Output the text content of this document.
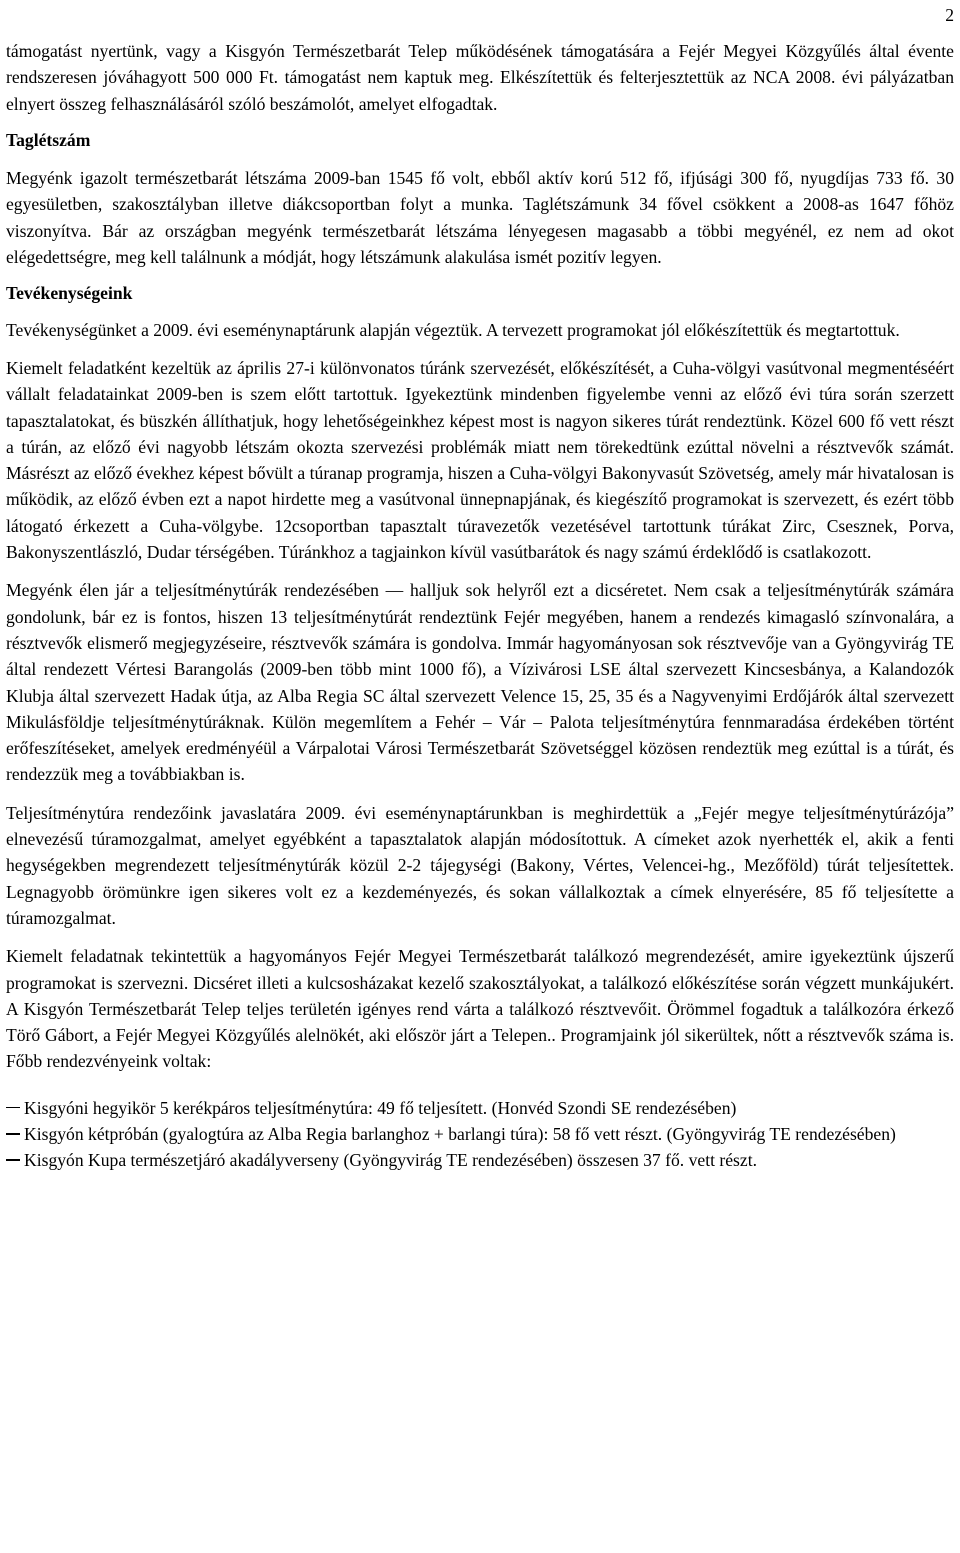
2

támogatást nyertünk, vagy a Kisgyón Természetbarát Telep működésének támogatására a Fejér Megyei Közgyűlés által évente rendszeresen jóváhagyott 500 000 Ft. támogatást nem kaptuk meg. Elkészítettük és felterjesztettük az NCA 2008. évi pályázatban elnyert összeg felhasználásáról szóló beszámolót, amelyet elfogadtak.

Taglétszám

Megyénk igazolt természetbarát létszáma 2009-ban 1545 fő volt, ebből aktív korú 512 fő, ifjúsági 300 fő, nyugdíjas 733 fő. 30 egyesületben, szakosztályban illetve diákcsoportban folyt a munka. Taglétszámunk 34 fővel csökkent a 2008-as 1647 főhöz viszonyítva. Bár az országban megyénk természetbarát létszáma lényegesen magasabb a többi megyénél, ez nem ad okot elégedettségre, meg kell találnunk a módját, hogy létszámunk alakulása ismét pozitív legyen.

Tevékenységeink

Tevékenységünket a 2009. évi eseménynaptárunk alapján végeztük. A tervezett programokat jól előkészítettük és megtartottuk.

Kiemelt feladatként kezeltük az április 27-i különvonatos túránk szervezését, előkészítését, a Cuha-völgyi vasútvonal megmentéséért vállalt feladatainkat 2009-ben is szem előtt tartottuk. Igyekeztünk mindenben figyelembe venni az előző évi túra során szerzett tapasztalatokat, és büszkén állíthatjuk, hogy lehetőségeinkhez képest most is nagyon sikeres túrát rendeztünk. Közel 600 fő vett részt a túrán, az előző évi nagyobb létszám okozta szervezési problémák miatt nem törekedtünk ezúttal növelni a résztvevők számát. Másrészt az előző évekhez képest bővült a túranap programja, hiszen a Cuha-völgyi Bakonyvasút Szövetség, amely már hivatalosan is működik, az előző évben ezt a napot hirdette meg a vasútvonal ünnepnapjának, és kiegészítő programokat is szervezett, és ezért több látogató érkezett a Cuha-völgybe. 12csoportban tapasztalt túravezetők vezetésével tartottunk túrákat Zirc, Csesznek, Porva, Bakonyszentlászló, Dudar térségében. Túránkhoz a tagjainkon kívül vasútbarátok és nagy számú érdeklődő is csatlakozott.

Megyénk élen jár a teljesítménytúrák rendezésében — halljuk sok helyről ezt a dicséretet. Nem csak a teljesítménytúrák számára gondolunk, bár ez is fontos, hiszen 13 teljesítménytúrát rendeztünk Fejér megyében, hanem a rendezés kimagasló színvonalára, a résztvevők elismerő megjegyzéseire, résztvevők számára is gondolva. Immár hagyományosan sok résztvevője van a Gyöngyvirág TE által rendezett Vértesi Barangolás (2009-ben több mint 1000 fő), a Vízivárosi LSE által szervezett Kincsesbánya, a Kalandozók Klubja által szervezett Hadak útja, az Alba Regia SC által szervezett Velence 15, 25, 35 és a Nagyvenyimi Erdőjárók által szervezett Mikulásföldje teljesítménytúráknak. Külön megemlítem a Fehér – Vár – Palota teljesítménytúra fennmaradása érdekében történt erőfeszítéseket, amelyek eredményéül a Várpalotai Városi Természetbarát Szövetséggel közösen rendeztük meg ezúttal is a túrát, és rendezzük meg a továbbiakban is.

Teljesítménytúra rendezőink javaslatára 2009. évi eseménynaptárunkban is meghirdettük a „Fejér megye teljesítménytúrázója” elnevezésű túramozgalmat, amelyet egyébként a tapasztalatok alapján módosítottuk. A címeket azok nyerhették el, akik a fenti hegységekben megrendezett teljesítménytúrák közül 2-2 tájegységi (Bakony, Vértes, Velencei-hg., Mezőföld) túrát teljesítettek. Legnagyobb örömünkre igen sikeres volt ez a kezdeményezés, és sokan vállalkoztak a címek elnyerésére, 85 fő teljesítette a túramozgalmat.

Kiemelt feladatnak tekintettük a hagyományos Fejér Megyei Természetbarát találkozó megrendezését, amire igyekeztünk újszerű programokat is szervezni. Dicséret illeti a kulcsosházakat kezelő szakosztályokat, a találkozó előkészítése során végzett munkájukért. A Kisgyón Természetbarát Telep teljes területén igényes rend várta a találkozó résztvevőit. Örömmel fogadtuk a találkozóra érkező Törő Gábort, a Fejér Megyei Közgyűlés alelnökét, aki először járt a Telepen.. Programjaink jól sikerültek, nőtt a résztvevők száma is. Főbb rendezvényeink voltak:

Kisgyóni hegyikör 5 kerékpáros teljesítménytúra: 49 fő teljesített. (Honvéd Szondi SE rendezésében)
Kisgyón kétpróbán (gyalogtúra az Alba Regia barlanghoz + barlangi túra): 58 fő vett részt. (Gyöngyvirág TE rendezésében)
Kisgyón Kupa természetjáró akadályverseny (Gyöngyvirág TE rendezésében) összesen 37 fő. vett részt.
